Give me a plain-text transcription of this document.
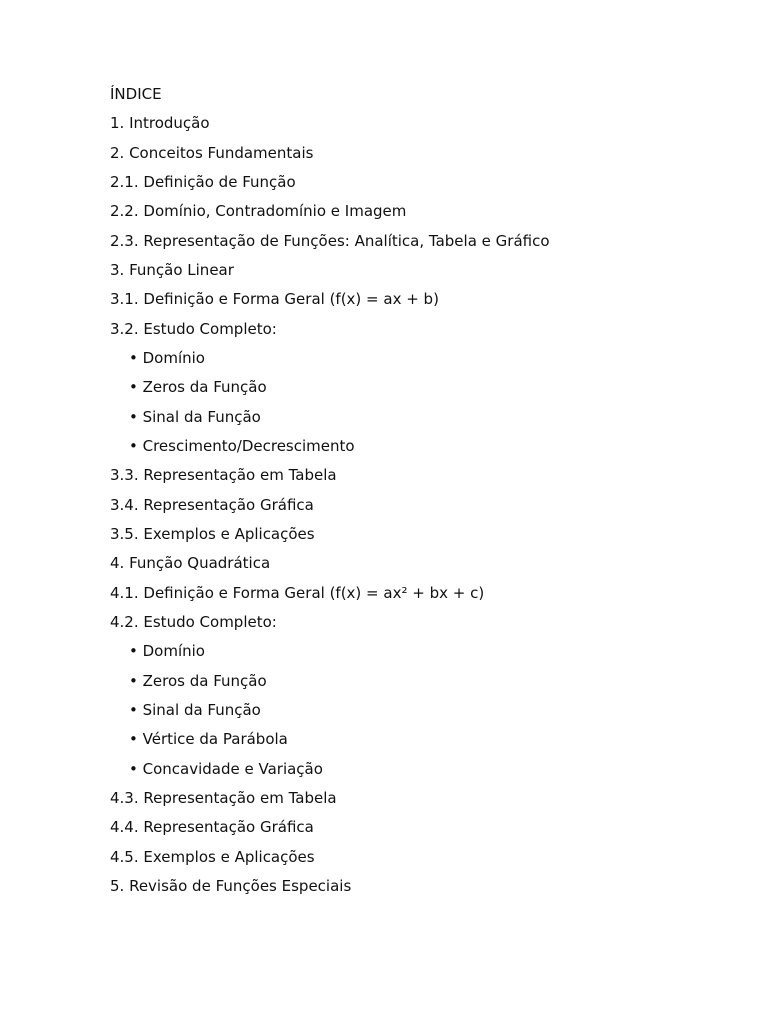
ÍNDICE
1. Introdução
2. Conceitos Fundamentais
2.1. Definição de Função
2.2. Domínio, Contradomínio e Imagem
2.3. Representação de Funções: Analítica, Tabela e Gráfico
3. Função Linear
3.1. Definição e Forma Geral (f(x) = ax + b)
3.2. Estudo Completo:
• Domínio
• Zeros da Função
• Sinal da Função
• Crescimento/Decrescimento
3.3. Representação em Tabela
3.4. Representação Gráfica
3.5. Exemplos e Aplicações
4. Função Quadrática
4.1. Definição e Forma Geral (f(x) = ax² + bx + c)
4.2. Estudo Completo:
• Domínio
• Zeros da Função
• Sinal da Função
• Vértice da Parábola
• Concavidade e Variação
4.3. Representação em Tabela
4.4. Representação Gráfica
4.5. Exemplos e Aplicações
5. Revisão de Funções Especiais
